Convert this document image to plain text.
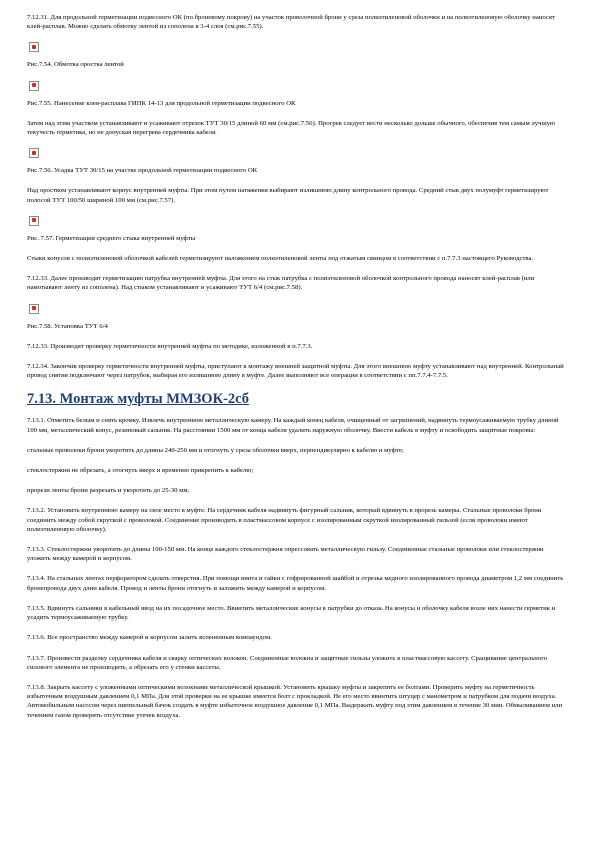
7.12.31. Для продольной герметизации подвесного ОК (по броневому покрову) на участок проволочной брони у среза полиэтиленовой оболочки и на полиэтиленовую оболочку наносят клей-расплав. Можно сделать обмотку лентой из сополена в 3-4 слоя (см.рис.7.55).

Рис.7.54. Обмотка оростка лентой

Рис.7.55. Нанесение клея-расплава ГИПК 14-13 для продольной герметизации подвесного ОК

Затем над этим участком устанавливают и усаживают отрезок ТУТ 30/15 длиной 60 мм (см.рис.7.56). Прогрев следует вести несколько дольше обычного, обеспечив тем самым лучшую текучесть герметика, но не допуская перегрева сердечника кабеля.

Рис.7.56. Усадка ТУТ 30/15 на участке продольной герметизации подвесного ОК

Над оростком устанавливают корпус внутренней муфты. При этом путем натяжения выбирают излишнюю длину контрольного провода. Средний стык двух полумуфт герметизируют полосой ТУТ 100/50 шириной 100 мм (см.рис.7.57).

Рис. 7.57. Герметизация среднего стыка внутренней муфты

Стыки конусов с полиэтиленовой оболочкой кабелей герметизируют наложением полиэтиленовой ленты под отжатым свинцом в соответствии с п.7.7.3 настоящего Руководства.

7.12.33. Далее производят герметизацию патрубка внутренней муфты. Для этого на стык патрубка с полиэтиленовой оболочкой контрольного провода наносят клей-расплав (или намотывают ленту из сополена). Над стыком устанавливают и усаживают ТУТ 6/4 (см.рис.7.58).

Рис.7.58. Установка ТУТ 6/4

7.12.33. Производят проверку герметичности внутренней муфты по методике, изложенной в п.7.7.3.

7.12.34. Закончив проверку герметичности внутренней муфты, приступают к монтажу внешней защитной муфты. Для этого внешнюю муфту устанавливают над внутренней. Контрольный провод снятия подключают через патрубок, выбирая его излишнюю длину в муфте. Далее выполняют все операции в соответствии с пп.7.7.4-7.7.5.

7.13. Монтаж муфты ММЗОК-2сб

7.13.1. Отметить белым и снять кромку. Извлечь внутреннюю металлическую камеру. На каждый конец кабеля, очищенный от загрязнений, надвинуть термоусаживаемую трубку длиной 100 мм, металлический конус, резиновый сальник. На расстоянии 1500 мм от конца кабеля удалить наружную оболочку. Ввести кабель в муфту и освободить защитные покровы:

стальные проволоки брони укоротить до длины 240-250 мм и отогнуть у среза оболочки вверх, перпендикулярно к кабелю и муфте;

стеклостержни не обрезать, а отогнуть вверх и временно прикрепить к кабелю;

прорези ленты брони разрезать и укоротить до 25-30 мм.

7.13.2. Установить внутреннюю камеру на свое место в муфте. На сердечник кабеля надвинуть фигурный сальник, который вдвинуть в прорезь камеры. Стальные проволоки брони соединить между собой скруткой с проволокой. Соединение производить в пластмассовом корпусе с изолированным скруткой изолированный гильзой (если проволоки имеют полиэтиленовую оболочку).

7.13.3. Стеклостержни укоротить до длины 100-150 мм. На конце каждого стеклостержня опрессовать металлическую гильзу. Соединенные стальные проволоки или стеклостержни уложить между камерой и корпусом.

7.13.4. На стальных лентах перфоратором сделать отверстия. При помощи винта и гайки с гофрированной шайбой и отрезка медного изолированного провода диаметром 1,2 мм соединить бронепровода двух длин кабеля. Провод и ленты брони отогнуть и заложить между камерой и корпусом.

7.13.5. Вдвинуть сальники в кабельный ввод на их посадочное место. Ввинтить металлические конусы в патрубки до отказа. На конусы и оболочку кабеля возле них нанести герметик и усадить термоусаживаемую трубку.

7.13.6. Все пространство между камерой и корпусом залить вспененным компаундом.

7.13.7. Произвести разделку сердечника кабеля и сварку оптических волокон. Соединенные волокна и защитные гильзы уложить в пластмассовую кассету. Сращивание центрального силового элемента не производить, а обрезать его у стенки кассеты.

7.13.8. Закрыть кассету с уложенными оптическими волокнами металлической крышкой. Установить крышку муфты и закрепить ее болтами. Проверить муфту на герметичность избыточным воздушным давлением 0,1 МПа. Для этой проверки на ее крышке имеется болт с прокладкой. Не его место ввинтить штуцер с манометром и патрубком для подачи воздуха. Автомобильным насосом через ниппельный бачок создать в муфте избыточное воздушное давление 0,1 МПа. Выдержать муфту под этим давлением в течение 30 мин. Обмыливанием или течением газом проверить отсутствие утечек воздуха.
